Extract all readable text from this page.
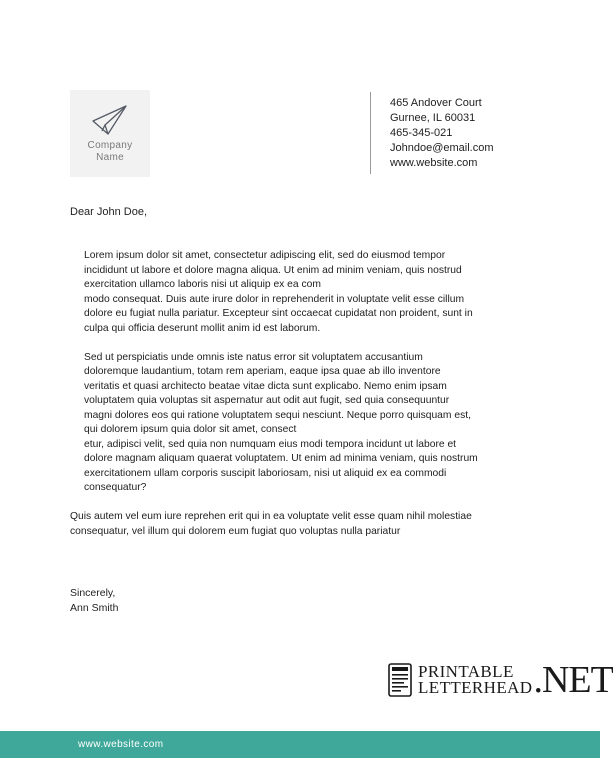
Company
Name
465 Andover Court
Gurnee, IL 60031
465-345-021
Johndoe@email.com
www.website.com
Dear John Doe,

Lorem ipsum dolor sit amet, consectetur adipiscing elit, sed do eiusmod tempor
incididunt ut labore et dolore magna aliqua. Ut enim ad minim veniam, quis nostrud
exercitation ullamco laboris nisi ut aliquip ex ea com
modo consequat. Duis aute irure dolor in reprehenderit in voluptate velit esse cillum
dolore eu fugiat nulla pariatur. Excepteur sint occaecat cupidatat non proident, sunt in
culpa qui officia deserunt mollit anim id est laborum.

Sed ut perspiciatis unde omnis iste natus error sit voluptatem accusantium
doloremque laudantium, totam rem aperiam, eaque ipsa quae ab illo inventore
veritatis et quasi architecto beatae vitae dicta sunt explicabo. Nemo enim ipsam
voluptatem quia voluptas sit aspernatur aut odit aut fugit, sed quia consequuntur
magni dolores eos qui ratione voluptatem sequi nesciunt. Neque porro quisquam est,
qui dolorem ipsum quia dolor sit amet, consect
etur, adipisci velit, sed quia non numquam eius modi tempora incidunt ut labore et
dolore magnam aliquam quaerat voluptatem. Ut enim ad minima veniam, quis nostrum
exercitationem ullam corporis suscipit laboriosam, nisi ut aliquid ex ea commodi
consequatur?

Quis autem vel eum iure reprehen erit qui in ea voluptate velit esse quam nihil molestiae
consequatur, vel illum qui dolorem eum fugiat quo voluptas nulla pariatur

Sincerely,
Ann Smith
PRINTABLE
LETTERHEAD .NET
www.website.com
